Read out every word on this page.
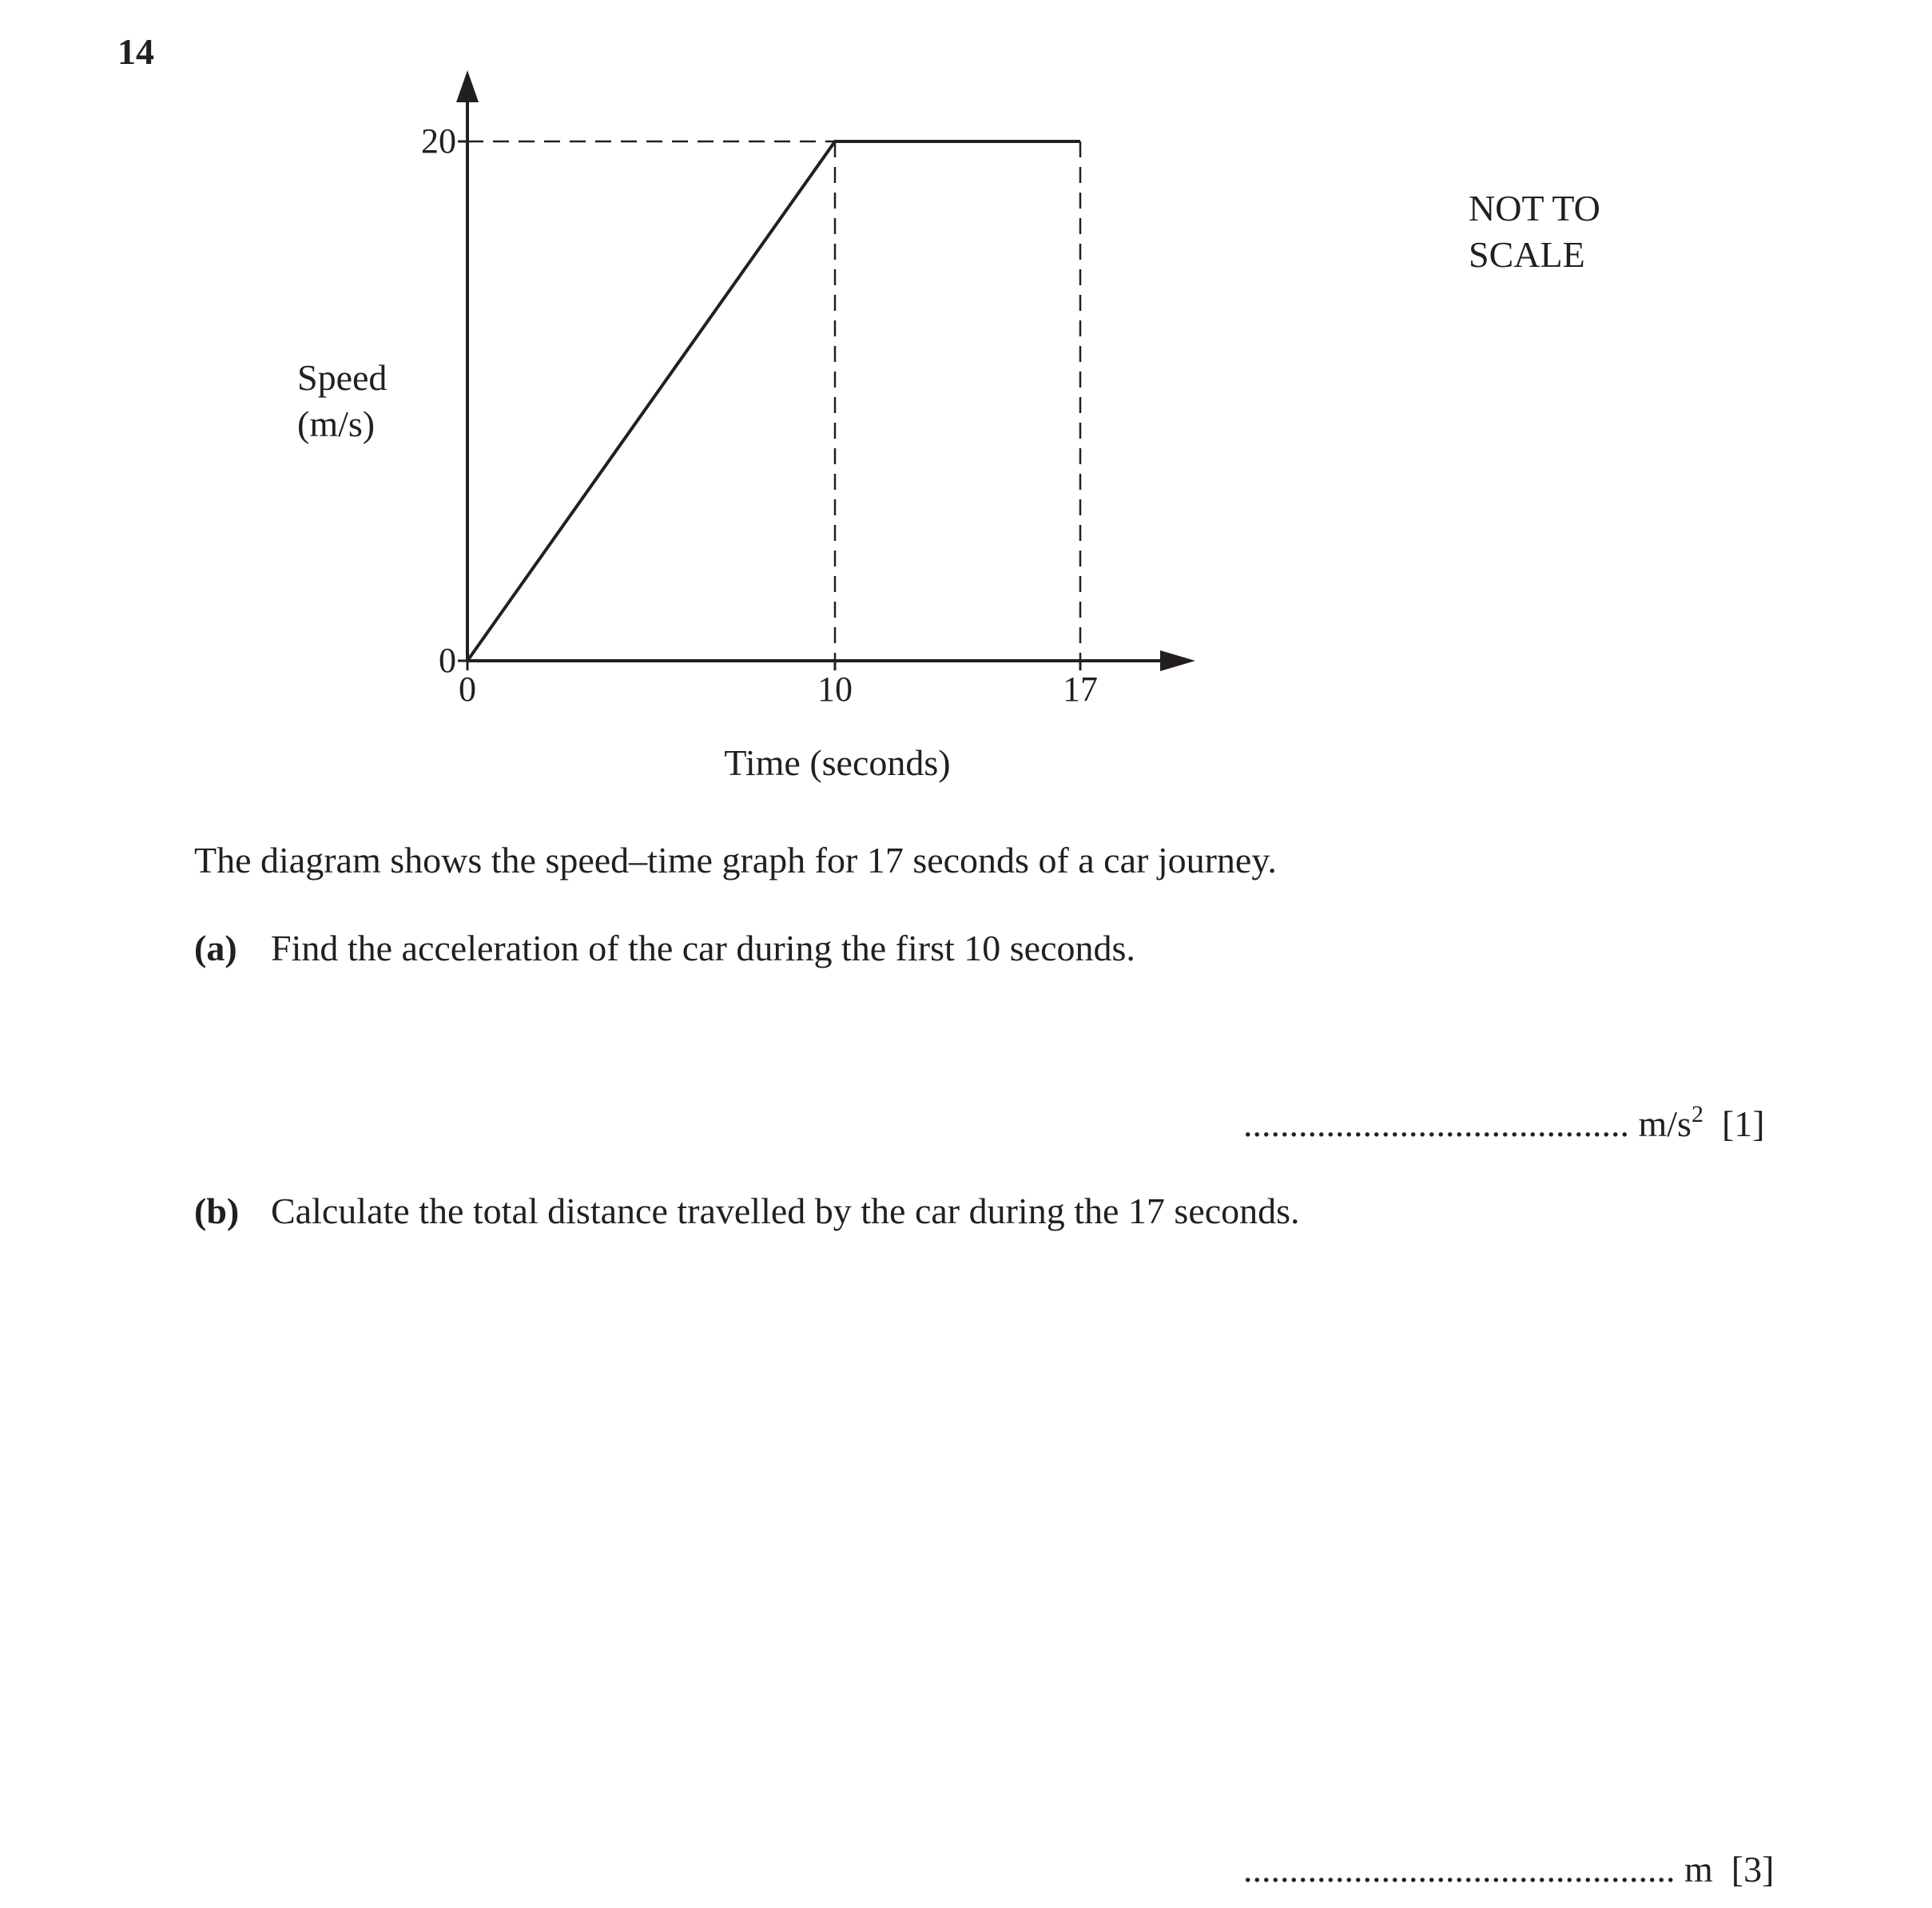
14
0
20
0	10	17
Time (seconds)
Speed
(m/s)
NOT TO
SCALE
The diagram shows the speed–time graph for 17 seconds of a car journey.
(a) Find the acceleration of the car during the first 10 seconds.
.......................................... $m/s^2$ [1]
(b) Calculate the total distance travelled by the car during the 17 seconds.
............................................... m [3]
